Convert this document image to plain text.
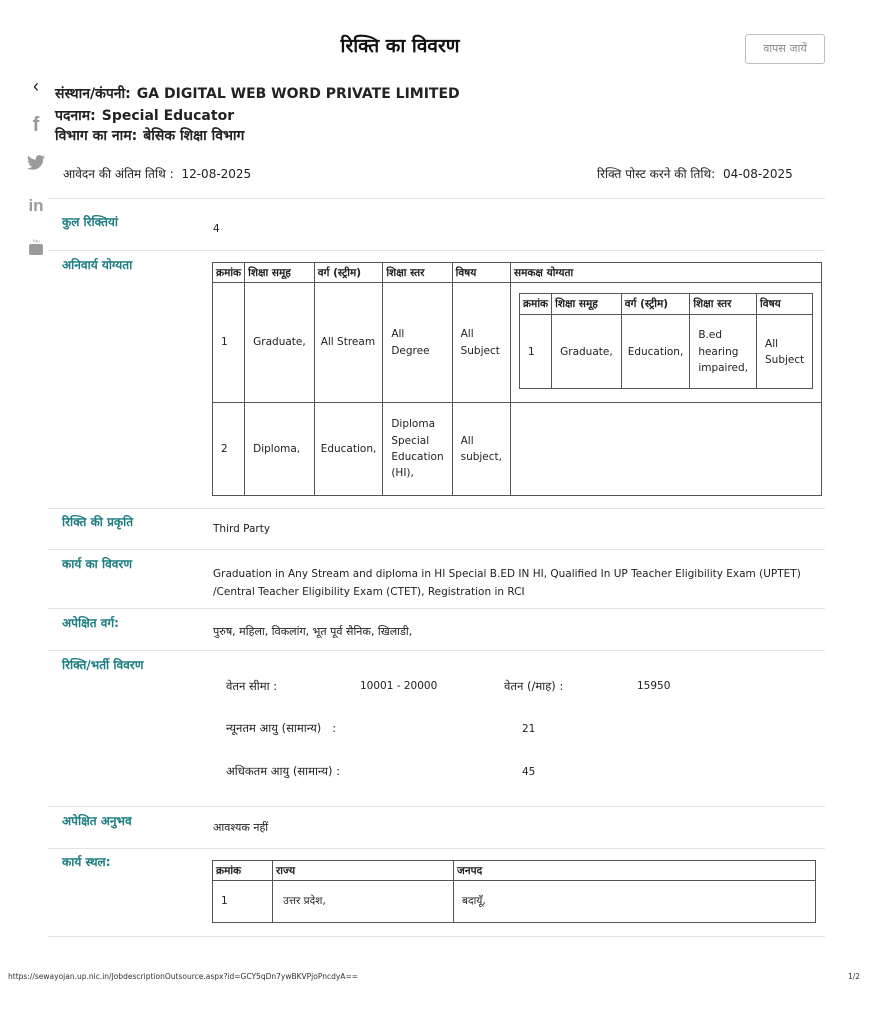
रिक्ति का विवरण	वापस जायें
‹
f
in
You
संस्थान/कंपनी: GA DIGITAL WEB WORD PRIVATE LIMITED
पदनाम: Special Educator
विभाग का नाम: बेसिक शिक्षा विभाग
आवेदन की अंतिम तिथि : 12-08-2025	रिक्ति पोस्ट करने की तिथि: 04-08-2025
कुल रिक्तियां	4
अनिवार्य योग्यता
क्रमांक	शिक्षा समूह	वर्ग (स्ट्रीम)	शिक्षा स्तर	विषय	समकक्ष योग्यता
1	Graduate,	All Stream	All Degree	All Subject	
क्रमांक	शिक्षा समूह	वर्ग (स्ट्रीम)	शिक्षा स्तर	विषय
1	Graduate,	Education,	B.ed hearing impaired,	All Subject

2	Diploma,	Education,	Diploma Special Education (HI),	All subject,	
रिक्ति की प्रकृति	Third Party
कार्य का विवरण
Graduation in Any Stream and diploma in HI Special B.ED IN HI, Qualified In UP Teacher Eligibility Exam (UPTET)
/Central Teacher Eligibility Exam (CTET), Registration in RCI
अपेक्षित वर्ग:
पुरुष, महिला, विकलांग, भूत पूर्व सैनिक, खिलाडी,
रिक्ति/भर्ती विवरण
वेतन सीमा :	10001 - 20000	वेतन (/माह) :	15950
न्यूनतम आयु (सामान्य)   :	21
अधिकतम आयु (सामान्य) :	45
अपेक्षित अनुभव	आवश्यक नहीं
कार्य स्थल:
क्रमांक	राज्य	जनपद
1	उत्तर प्रदेश,	बदायूँ,
https://sewayojan.up.nic.in/JobdescriptionOutsource.aspx?id=GCY5qDn7ywBKVPjoPncdyA==	1/2
